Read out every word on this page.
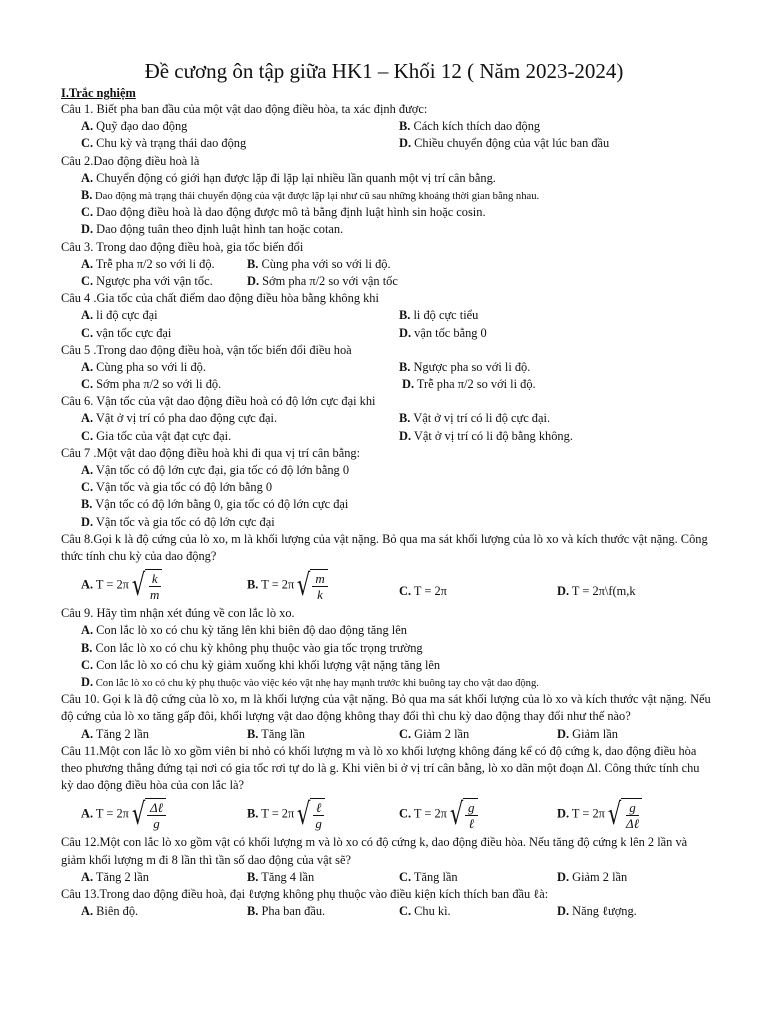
Đề cương ôn tập giữa HK1 – Khối 12 ( Năm 2023-2024)
I.Trắc nghiệm
Câu 1. Biết pha ban đầu của một vật dao động điều hòa, ta xác định được:
A. Quỹ đạo dao động	B. Cách kích thích dao động
C. Chu kỳ và trạng thái dao động	D. Chiều chuyển động của vật lúc ban đầu
Câu 2.Dao động điều hoà là
A. Chuyển động có giới hạn được lặp đi lặp lại nhiều lần quanh một vị trí cân bằng.
B. Dao động mà trạng thái chuyển động của vật được lặp lại như cũ sau những khoảng thời gian bằng nhau.
C. Dao động điều hoà là dao động được mô tả bằng định luật hình sin hoặc cosin.
D. Dao động tuân theo định luật hình tan hoặc cotan.
Câu 3. Trong dao động điều hoà, gia tốc biến đổi
A. Trễ pha π/2 so với li độ.	B. Cùng pha với so với li độ.
C. Ngược pha với vận tốc.	D. Sớm pha π/2 so với vận tốc
Câu 4 .Gia tốc của chất điểm dao động điều hòa bằng không khi
A. li độ cực đại	B. li độ cực tiểu
C. vận tốc cực đại	D. vận tốc bằng 0
Câu 5 .Trong dao động điều hoà, vận tốc biến đổi điều hoà
A. Cùng pha so với li độ.	B. Ngược pha so với li độ.
C. Sớm pha π/2 so với li độ.	D. Trễ pha π/2 so với li độ.
Câu 6. Vận tốc của vật dao động điều hoà có độ lớn cực đại khi
A. Vật ở vị trí có pha dao động cực đại.	B. Vật ở vị trí có li độ cực đại.
C. Gia tốc của vật đạt cực đại.	D. Vật ở vị trí có li độ bằng không.
Câu 7 .Một vật dao động điều hoà khi đi qua vị trí cân bằng:
A. Vận tốc có độ lớn cực đại, gia tốc có độ lớn bằng 0
C. Vận tốc và gia tốc có độ lớn bằng 0
B. Vận tốc có độ lớn bằng 0, gia tốc có độ lớn cực đại
D. Vận tốc và gia tốc có độ lớn cực đại
Câu 8.Gọi k là độ cứng của lò xo, m là khối lượng của vật nặng. Bỏ qua ma sát khối lượng của lò xo và kích thước vật nặng. Công thức tính chu kỳ của dao động?
A. T = 2π √ $\frac{k}{m}$	B. T = 2π √ $\frac{m}{k}$	C. T = 2π	D. T = 2π\f(m,k
Câu 9. Hãy tìm nhận xét đúng về con lắc lò xo.
A. Con lắc lò xo có chu kỳ tăng lên khi biên độ dao động tăng lên
B. Con lắc lò xo có chu kỳ không phụ thuộc vào gia tốc trọng trường
C. Con lắc lò xo có chu kỳ giảm xuống khi khối lượng vật nặng tăng lên
D. Con lắc lò xo có chu kỳ phụ thuộc vào việc kéo vật nhẹ hay mạnh trước khi buông tay cho vật dao động.
Câu 10. Gọi k là độ cứng của lò xo, m là khối lượng của vật nặng. Bỏ qua ma sát khối lượng của lò xo và kích thước vật nặng. Nếu độ cứng của lò xo tăng gấp đôi, khối lượng vật dao động không thay đổi thì chu kỳ dao động thay đổi như thế nào?
A. Tăng 2 lần	B. Tăng lần	C. Giảm 2 lần	D. Giảm lần
Câu 11.Một con lắc lò xo gồm viên bi nhỏ có khối lượng m và lò xo khối lượng không đáng kể có độ cứng k, dao động điều hòa theo phương thẳng đứng tại nơi có gia tốc rơi tự do là g. Khi viên bi ở vị trí cân bằng, lò xo dãn một đoạn Δl. Công thức tính chu kỳ dao động điều hòa của con lắc là?
A. T = 2π √ $\frac{\text{Δℓ}}{g}$	B. T = 2π √ $\frac{\text{ℓ}}{g}$	C. T = 2π √ $\frac{g}{\text{ℓ}}$	D. T = 2π √ $\frac{g}{\text{Δℓ}}$
Câu 12.Một con lắc lò xo gồm vật có khối lượng m và lò xo có độ cứng k, dao động điều hòa. Nếu tăng độ cứng k lên 2 lần và giảm khối lượng m đi 8 lần thì tần số dao động của vật sẽ?
A. Tăng 2 lần	B. Tăng 4 lần	C. Tăng lần	D. Giảm 2 lần
Câu 13.Trong dao động điều hoà, đại ℓượng không phụ thuộc vào điều kiện kích thích ban đầu ℓà:
A. Biên độ.	B. Pha ban đầu.	C. Chu kì.	D. Năng ℓượng.
